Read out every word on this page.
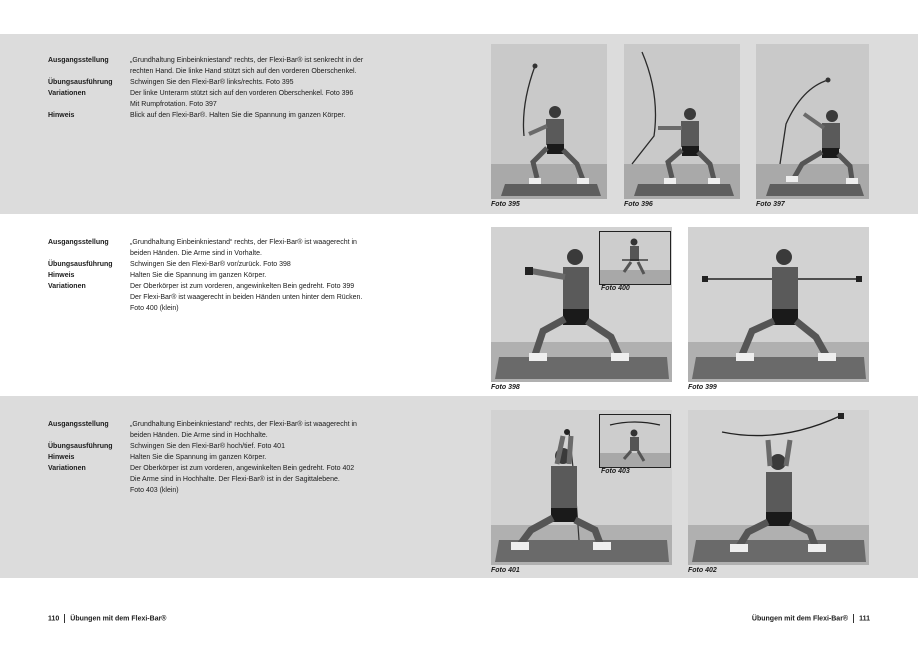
Ausgangsstellung	„Grundhaltung Einbeinkniestand“ rechts, der Flexi-Bar® ist senkrecht in der
rechten Hand. Die linke Hand stützt sich auf den vorderen Oberschenkel.
Übungsausführung	Schwingen Sie den Flexi-Bar® links/rechts. Foto 395
Variationen	Der linke Unterarm stützt sich auf den vorderen Oberschenkel. Foto 396
Mit Rumpfrotation. Foto 397
Hinweis	Blick auf den Flexi-Bar®. Halten Sie die Spannung im ganzen Körper.
Ausgangsstellung	„Grundhaltung Einbeinkniestand“ rechts, der Flexi-Bar® ist waagerecht in
beiden Händen. Die Arme sind in Vorhalte.
Übungsausführung	Schwingen Sie den Flexi-Bar® vor/zurück. Foto 398
Hinweis	Halten Sie die Spannung im ganzen Körper.
Variationen	Der Oberkörper ist zum vorderen, angewinkelten Bein gedreht. Foto 399
Der Flexi-Bar® ist waagerecht in beiden Händen unten hinter dem Rücken.
Foto 400 (klein)
Ausgangsstellung	„Grundhaltung Einbeinkniestand“ rechts, der Flexi-Bar® ist waagerecht in
beiden Händen. Die Arme sind in Hochhalte.
Übungsausführung	Schwingen Sie den Flexi-Bar® hoch/tief. Foto 401
Hinweis	Halten Sie die Spannung im ganzen Körper.
Variationen	Der Oberkörper ist zum vorderen, angewinkelten Bein gedreht. Foto 402
Die Arme sind in Hochhalte. Der Flexi-Bar® ist in der Sagittalebene.
Foto 403 (klein)
Foto 395	Foto 396	Foto 397
Foto 400
Foto 398	Foto 399
Foto 403
Foto 401	Foto 402
110 Übungen mit dem Flexi-Bar®	Übungen mit dem Flexi-Bar® 111
